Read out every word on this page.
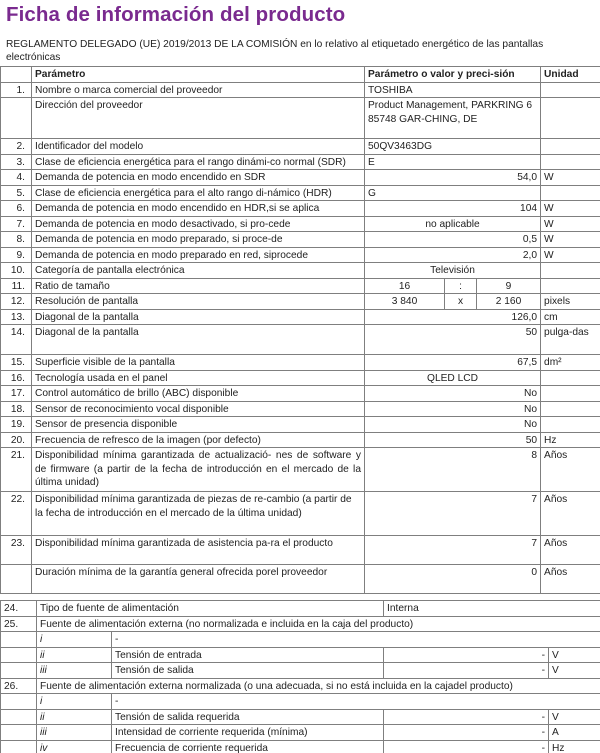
Ficha de información del producto
REGLAMENTO DELEGADO (UE) 2019/2013 DE LA COMISIÓN en lo relativo al etiquetado energético de las pantallas electrónicas
	Parámetro	Parámetro o valor y preci-sión			Unidad
1.	Nombre o marca comercial del proveedor	TOSHIBA			
	Dirección del proveedor	Product Management, PARKRING 6 85748 GAR-CHING, DE			
2.	Identificador del modelo	50QV3463DG			
3.	Clase de eficiencia energética para el rango dinámi-co normal (SDR)	E			
4.	Demanda de potencia en modo encendido en SDR	54,0			W
5.	Clase de eficiencia energética para el alto rango di-námico (HDR)	G			
6.	Demanda de potencia en modo encendido en HDR,si se aplica	104			W
7.	Demanda de potencia en modo desactivado, si pro-cede	no aplicable			W
8.	Demanda de potencia en modo preparado, si proce-de	0,5			W
9.	Demanda de potencia en modo preparado en red, siprocede	2,0			W
10.	Categoría de pantalla electrónica	Televisión			
11.	Ratio de tamaño	16	:	9	
12.	Resolución de pantalla	3 840	x	2 160	pixels
13.	Diagonal de la pantalla	126,0			cm
14.	Diagonal de la pantalla	50			pulga-das
15.	Superficie visible de la pantalla	67,5			dm²
16.	Tecnología usada en el panel	QLED LCD			
17.	Control automático de brillo (ABC) disponible	No			
18.	Sensor de reconocimiento vocal disponible	No			
19.	Sensor de presencia disponible	No			
20.	Frecuencia de refresco de la imagen (por defecto)	50			Hz
21.	Disponibilidad mínima garantizada de actualizació- nes de software y de firmware (a partir de la fecha de introducción en el mercado de la última unidad)	8			Años
22.	Disponibilidad mínima garantizada de piezas de re-cambio (a partir de la fecha de introducción en el mercado de la última unidad)	7			Años
23.	Disponibilidad mínima garantizada de asistencia pa-ra el producto	7			Años
	Duración mínima de la garantía general ofrecida porel proveedor	0			Años
24.	Tipo de fuente de alimentación		Interna	
25.	Fuente de alimentación externa (no normalizada e incluida en la caja del producto)			
	i	-		
	ii	Tensión de entrada	-	V
	iii	Tensión de salida	-	V
26.	Fuente de alimentación externa normalizada (o una adecuada, si no está incluida en la cajadel producto)			
	i	-		
	ii	Tensión de salida requerida	-	V
	iii	Intensidad de corriente requerida (mínima)	-	A
	iv	Frecuencia de corriente requerida	-	Hz
